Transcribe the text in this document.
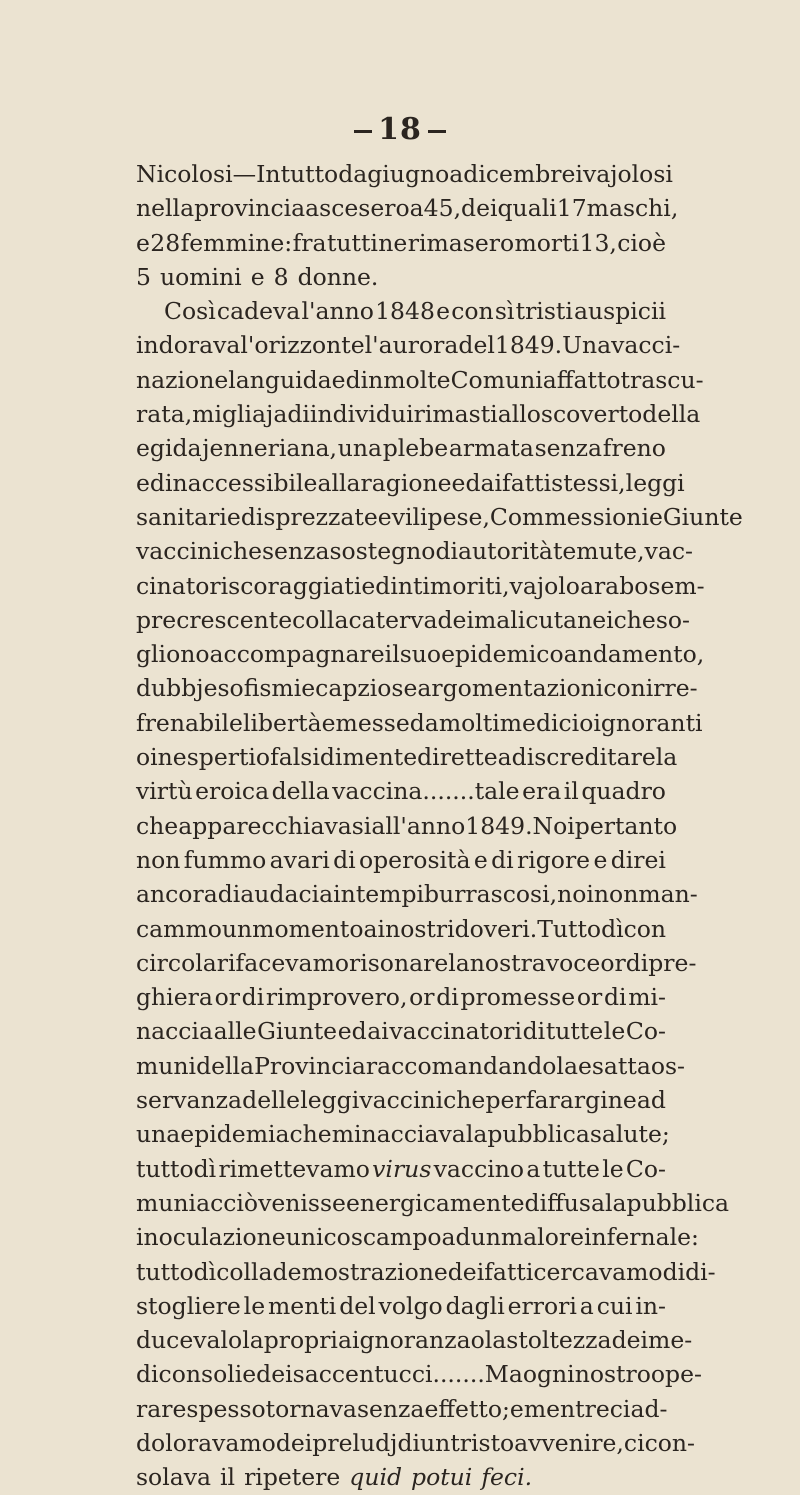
18
Nicolosi — In tutto da giugno a dicembre i vajolosi
nella provincia ascesero a 45 , dei quali 17 maschi,
e 28 femmine: fra tutti ne rimasero morti 13, cioè
5 uomini e 8 donne.
Così cadeva l'anno 1848 e con sì tristi auspicii
indorava l'orizzonte l'aurora del 1849. Una vacci-
nazione languida ed in molte Comuni affatto trascu-
rata, migliaja di individui rimasti allo scoverto della
egida jenneriana, una plebe armata senza freno
ed inaccessibile alla ragione ed ai fatti stessi, leggi
sanitarie disprezzate e vilipese, Commessioni e Giunte
vacciniche senza sostegno di autorità temute, vac-
cinatori scoraggiati ed intimoriti, vajolo arabo sem-
pre crescente colla caterva dei mali cutanei che so-
gliono accompagnare il suo epidemico andamento,
dubbj e sofismi e capziose argomentazioni con irre-
frenabile libertà emesse da molti medici o ignoranti
o inesperti o falsi di mente dirette a discreditare la
virtù eroica della vaccina.......tale era il quadro
che apparecchiavasi all'anno 1849. Noi pertanto
non fummo avari di operosità e di rigore e direi
ancora di audacia in tempi burrascosi, noi non man-
cammo un momento ai nostri doveri. Tuttodì con
circolari facevamo risonare la nostra voce or di pre-
ghiera or di rimprovero, or di promesse or di mi-
naccia alle Giunte ed ai vaccinatori di tutte le Co-
muni della Provincia raccomandando la esatta os-
servanza delle leggi vacciniche per far argine ad
una epidemia che minacciava la pubblica salute;
tuttodì rimettevamo virus vaccino a tutte le Co-
muni acciò venisse energicamente diffusa la pubblica
inoculazione unico scampo ad un malore infernale:
tuttodì colla demostrazione dei fatti cercavamo di di-
stogliere le menti del volgo dagli errori a cui in-
ducevalo la propria ignoranza o la stoltezza dei me-
diconsoli e dei saccentucci.......Ma ogni nostro ope-
rare spesso tornava senza effetto; e mentre ci ad-
doloravamo dei preludj di un tristo avvenire, ci con-
solava il ripetere quid potui feci.
